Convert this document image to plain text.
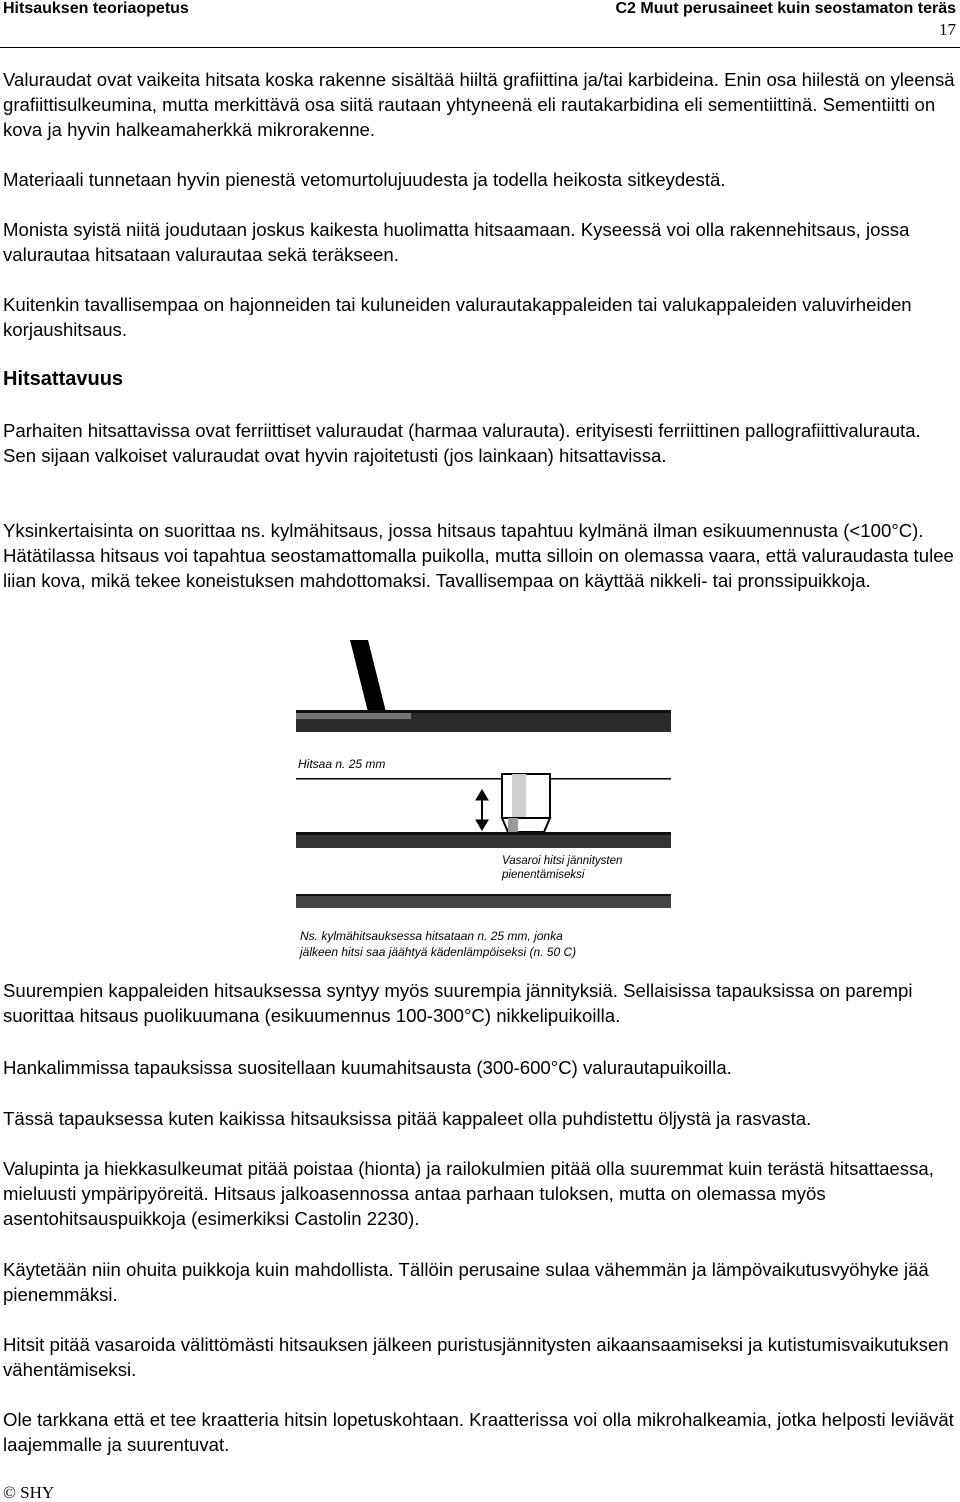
Hitsauksen teoriaopetus	C2 Muut perusaineet kuin seostamaton teräs
17

Valuraudat ovat vaikeita hitsata koska rakenne sisältää hiiltä grafiittina ja/tai karbideina. Enin osa hiilestä on yleensä grafiittisulkeumina, mutta merkittävä osa siitä rautaan yhtyneenä eli rautakarbidina eli sementiittinä. Sementiitti on kova ja hyvin halkeamaherkkä mikrorakenne.

Materiaali tunnetaan hyvin pienestä vetomurtolujuudesta ja todella heikosta sitkeydestä.

Monista syistä niitä joudutaan joskus kaikesta huolimatta hitsaamaan. Kyseessä voi olla rakennehitsaus, jossa valurautaa hitsataan valurautaa sekä teräkseen.

Kuitenkin tavallisempaa on hajonneiden tai kuluneiden valurautakappaleiden tai valukappaleiden valuvirheiden korjaushitsaus.

Hitsattavuus

Parhaiten hitsattavissa ovat ferriittiset valuraudat (harmaa valurauta). erityisesti ferriittinen pallografiittivalurauta. Sen sijaan valkoiset valuraudat ovat hyvin rajoitetusti (jos lainkaan) hitsattavissa.

Yksinkertaisinta on suorittaa ns. kylmähitsaus, jossa hitsaus tapahtuu kylmänä ilman esikuumennusta (<100°C). Hätätilassa hitsaus voi tapahtua seostamattomalla puikolla, mutta silloin on olemassa vaara, että valuraudasta tulee liian kova, mikä tekee koneistuksen mahdottomaksi. Tavallisempaa on käyttää nikkeli- tai pronssipuikkoja.

Hitsaa n. 25 mm
Vasaroi hitsi jännitysten
pienentämiseksi
Ns. kylmähitsauksessa hitsataan n. 25 mm, jonka
jälkeen hitsi saa jäähtyä kädenlämpöiseksi (n. 50 C)

Suurempien kappaleiden hitsauksessa syntyy myös suurempia jännityksiä. Sellaisissa tapauksissa on parempi suorittaa hitsaus puolikuumana (esikuumennus 100-300°C) nikkelipuikoilla.

Hankalimmissa tapauksissa suositellaan kuumahitsausta (300-600°C) valurautapuikoilla.

Tässä tapauksessa kuten kaikissa hitsauksissa pitää kappaleet olla puhdistettu öljystä ja rasvasta.

Valupinta ja hiekkasulkeumat pitää poistaa (hionta) ja railokulmien pitää olla suuremmat kuin terästä hitsattaessa, mieluusti ympäripyöreitä. Hitsaus jalkoasennossa antaa parhaan tuloksen, mutta on olemassa myös asentohitsauspuikkoja (esimerkiksi Castolin 2230).

Käytetään niin ohuita puikkoja kuin mahdollista. Tällöin perusaine sulaa vähemmän ja lämpövaikutusvyöhyke jää pienemmäksi.

Hitsit pitää vasaroida välittömästi hitsauksen jälkeen puristusjännitysten aikaansaamiseksi ja kutistumisvaikutuksen vähentämiseksi.

Ole tarkkana että et tee kraatteria hitsin lopetuskohtaan. Kraatterissa voi olla mikrohalkeamia, jotka helposti leviävät laajemmalle ja suurentuvat.

© SHY
